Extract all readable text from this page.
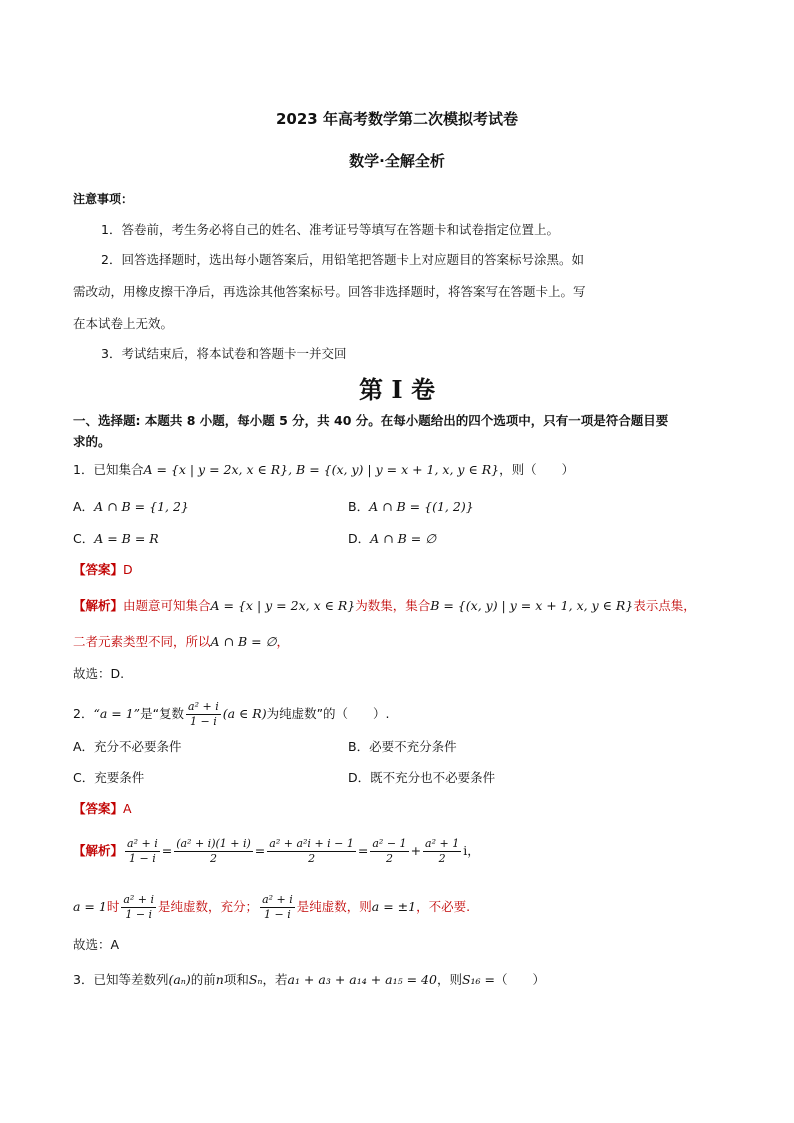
2023 年高考数学第二次模拟考试卷
数学·全解全析
注意事项：
1．答卷前，考生务必将自己的姓名、准考证号等填写在答题卡和试卷指定位置上。
2．回答选择题时，选出每小题答案后，用铅笔把答题卡上对应题目的答案标号涂黑。如
需改动，用橡皮擦干净后，再选涂其他答案标号。回答非选择题时，将答案写在答题卡上。写
在本试卷上无效。
3．考试结束后，将本试卷和答题卡一并交回
第 I 卷
一、选择题: 本题共 8 小题，每小题 5 分，共 40 分。在每小题给出的四个选项中，只有一项是符合题目要
求的。
1．已知集合A = {x | y = 2x, x ∈ R}, B = {(x, y) | y = x + 1, x, y ∈ R}，则（　　）
A．A ∩ B = {1, 2}	B．A ∩ B = {(1, 2)}
C．A = B = R	D．A ∩ B = ∅
【答案】D
【解析】由题意可知集合A = {x | y = 2x, x ∈ R}为数集，集合B = {(x, y) | y = x + 1, x, y ∈ R}表示点集，
二者元素类型不同，所以A ∩ B = ∅，
故选：D.
2．“a = 1”是“复数 $\frac{\text{a² + i}}{1 - i} (a$ ∈ R)为纯虚数”的（　　）.
A．充分不必要条件	B．必要不充分条件
C．充要条件	D．既不充分也不必要条件
【答案】A
【解析】 $\frac{\text{a² + i}}{1 - i} = \frac{\text{(a² + i)(1 + i)}}{2} = \frac{\text{a² + a²i + i − 1}}{2} = \frac{\text{a² − 1}}{2} + \frac{\text{a² + 1}}{2}$ i，
a = 1时 $\frac{\text{a² + i}}{1 - i}$ 是纯虚数，充分； $\frac{\text{a² + i}}{1 - i}$ 是纯虚数，则a = ±1，不必要.
故选：A
3．已知等差数列(aₙ)的前n项和Sₙ，若a₁ + a₃ + a₁₄ + a₁₅ = 40，则S₁₆ =（　　）
